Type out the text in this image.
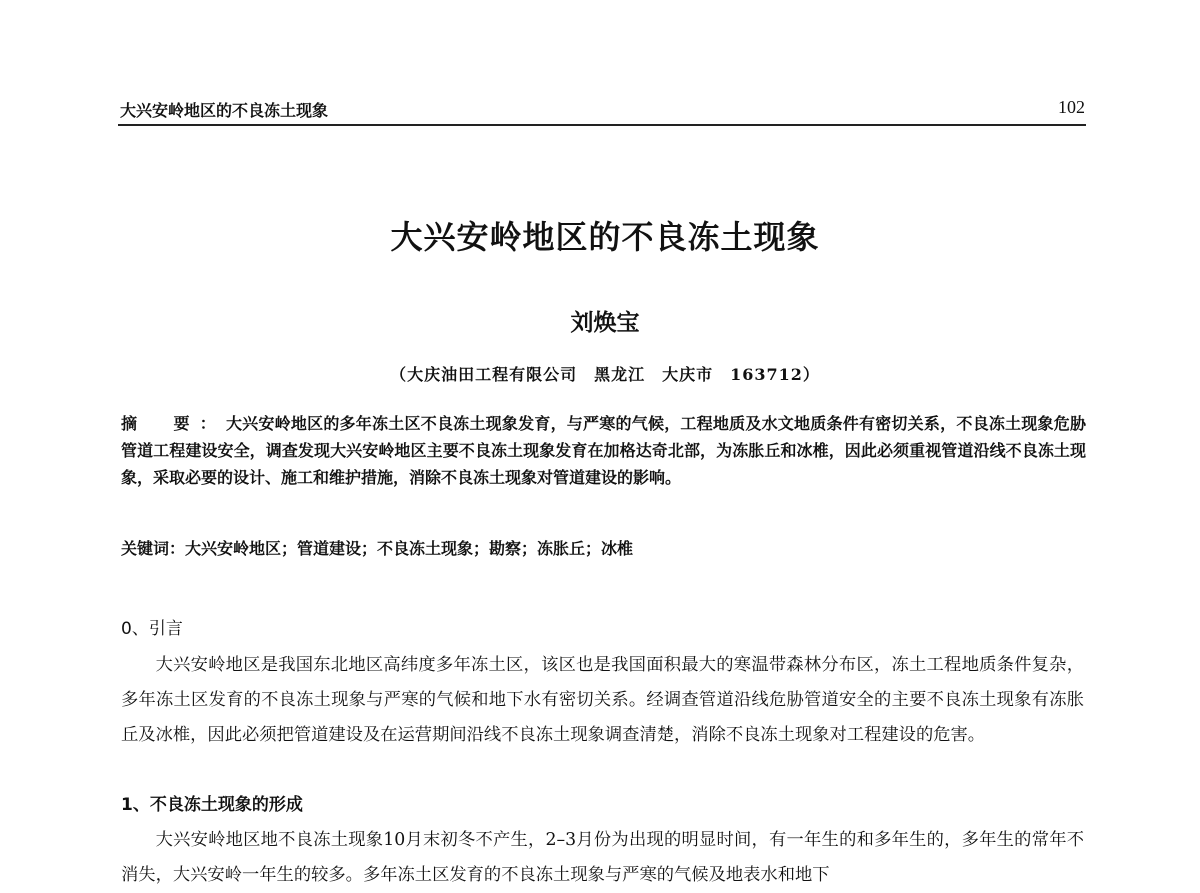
大兴安岭地区的不良冻土现象	102
大兴安岭地区的不良冻土现象
刘焕宝
（大庆油田工程有限公司　黑龙江　大庆市　163712）
摘　要：大兴安岭地区的多年冻土区不良冻土现象发育，与严寒的气候，工程地质及水文地质条件有密切关系，不良冻土现象危胁管道工程建设安全，调查发现大兴安岭地区主要不良冻土现象发育在加格达奇北部，为冻胀丘和冰椎，因此必须重视管道沿线不良冻土现象，采取必要的设计、施工和维护措施，消除不良冻土现象对管道建设的影响。
关键词：大兴安岭地区；管道建设；不良冻土现象；勘察；冻胀丘；冰椎
0、引言
大兴安岭地区是我国东北地区高纬度多年冻土区，该区也是我国面积最大的寒温带森林分布区，冻土工程地质条件复杂，多年冻土区发育的不良冻土现象与严寒的气候和地下水有密切关系。经调查管道沿线危胁管道安全的主要不良冻土现象有冻胀丘及冰椎，因此必须把管道建设及在运营期间沿线不良冻土现象调查清楚，消除不良冻土现象对工程建设的危害。
1、不良冻土现象的形成
大兴安岭地区地不良冻土现象10月末初冬不产生，2–3月份为出现的明显时间，有一年生的和多年生的，多年生的常年不消失，大兴安岭一年生的较多。多年冻土区发育的不良冻土现象与严寒的气候及地表水和地下
